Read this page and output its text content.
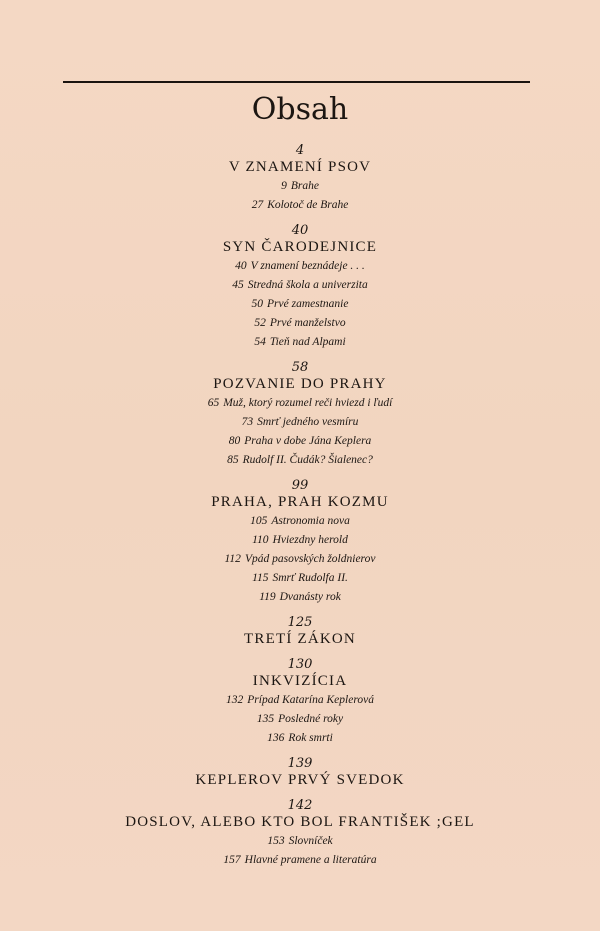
Obsah
4
V ZNAMENÍ PSOV
9 Brahe
27 Kolotoč de Brahe
40
SYN ČARODEJNICE
40 V znamení beznádeje . . .
45 Stredná škola a univerzita
50 Prvé zamestnanie
52 Prvé manželstvo
54 Tieň nad Alpami
58
POZVANIE DO PRAHY
65 Muž, ktorý rozumel reči hviezd i ľudí
73 Smrť jedného vesmíru
80 Praha v dobe Jána Keplera
85 Rudolf II. Čudák? Šialenec?
99
PRAHA, PRAH KOZMU
105 Astronomia nova
110 Hviezdny herold
112 Vpád pasovských žoldnierov
115 Smrť Rudolfa II.
119 Dvanásty rok
125
TRETÍ ZÁKON
130
INKVIZÍCIA
132 Prípad Katarína Keplerová
135 Posledné roky
136 Rok smrti
139
KEPLEROV PRVÝ SVEDOK
142
DOSLOV, ALEBO KTO BOL FRANTIŠEK ;GEL
153 Slovníček
157 Hlavné pramene a literatúra
